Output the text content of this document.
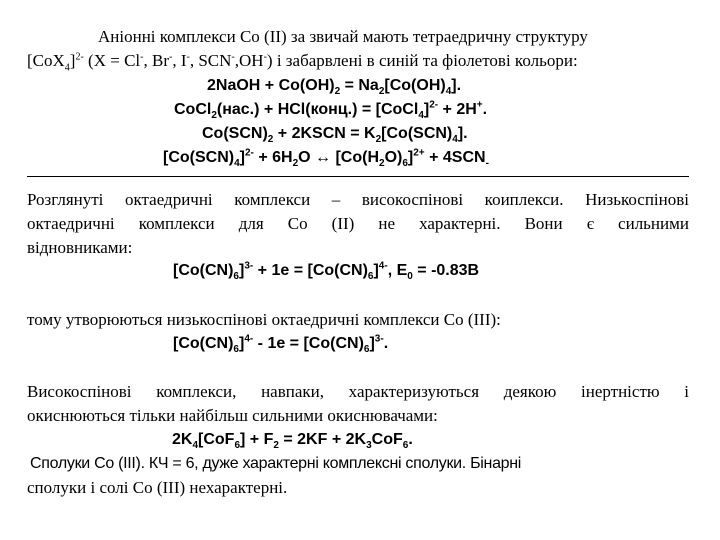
Аніонні комплекси Co (II) за звичай мають тетраедричну структуру
$[CoX_4]^{2-}$ (X = Cl-, Br-, I-, SCN-,OH-) і забарвлені в синій та фіолетові кольори:
2NaOH + $Co(OH)_2 = Na_2[Co(OH)_4]$.
CoCl$_2$(нас.) + HCl(конц.) = [CoCl$_4$]$^{2-}$ + 2H+.
$Co(SCN)_2$ + 2KSCN = $K_2[Co(SCN)_4]$.
$[Co(SCN)_4]^{2-} + 6H_2O$ ↔ $[Co(H_2O)_6]^{2+} + 4SCN_-$
Розглянуті октаедричні комплекси – високоспінові коиплекси. Низькоспінові
октаедричні комплекси для Co (II) не характерні. Вони є сильними
відновниками:
$[Co(CN)_6]^{3-} + 1e = [Co(CN)_6]^{4-}$, $E_0 = -0.83B$
тому утворюються низькоспінові октаедричні комплекси Co (III):
$[Co(CN)_6]^{4-} - 1e = [Co(CN)_6]^{3-}$.
Високоспінові комплекси, навпаки, характеризуються деякою інертністю і
окиснюються тільки найбільш сильними окиснювачами:
$2K_4[CoF_6] + F_2 = 2KF + 2K_3CoF_6$.
Сполуки Co (III). КЧ = 6, дуже характерні комплексні сполуки. Бінарні
сполуки і солі Co (III) нехарактерні.
